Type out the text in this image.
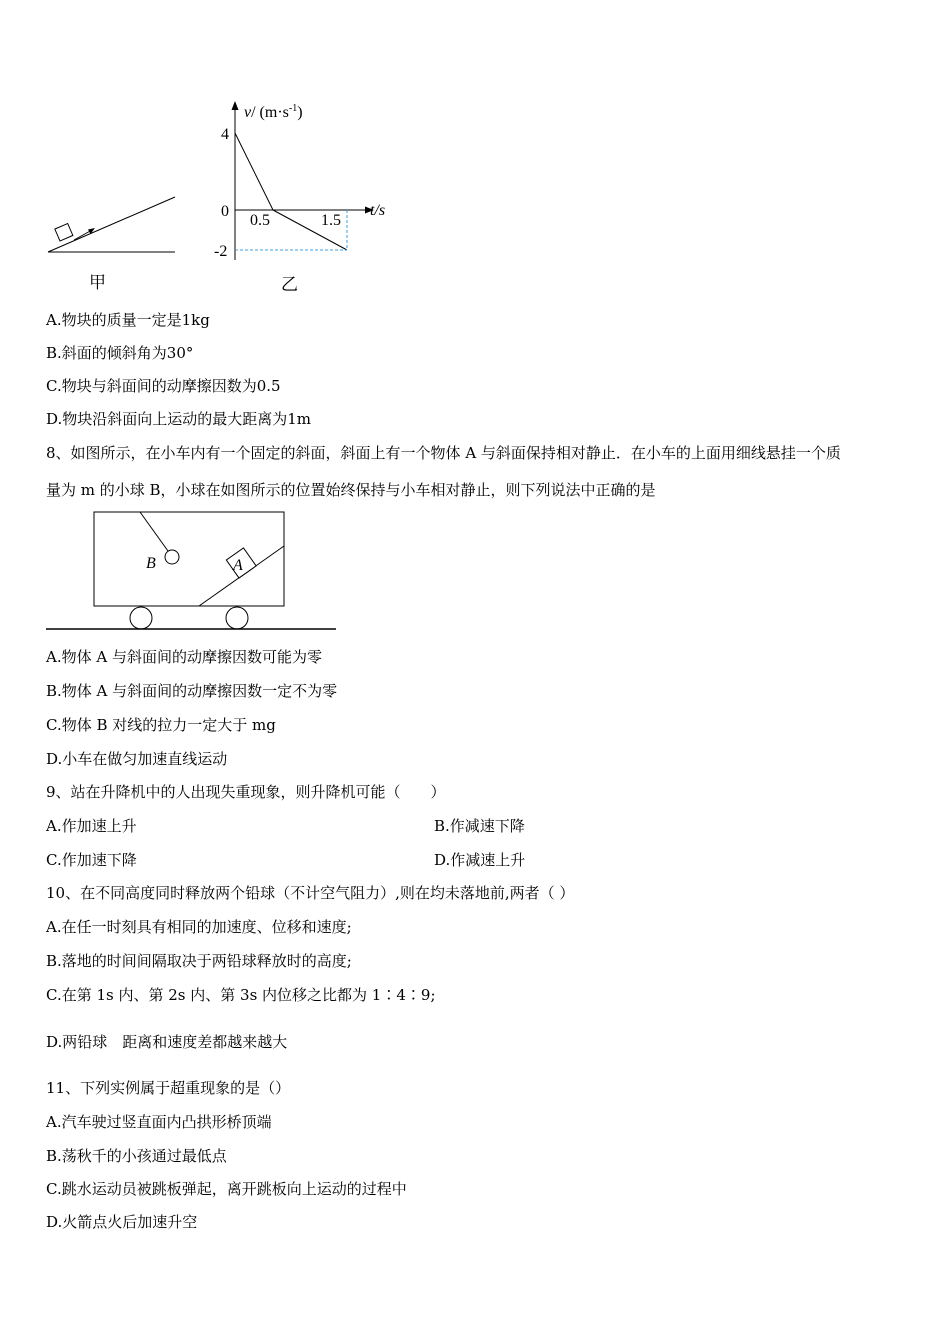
甲
v/ $(m\cdot s^{-1})$
4
0
-2
0.5	1.5
t/s
乙
A.物块的质量一定是1kg
B.斜面的倾斜角为30°
C.物块与斜面间的动摩擦因数为0.5
D.物块沿斜面向上运动的最大距离为1m
8、如图所示，在小车内有一个固定的斜面，斜面上有一个物体 A 与斜面保持相对静止．在小车的上面用细线悬挂一个质
量为 m 的小球 B，小球在如图所示的位置始终保持与小车相对静止，则下列说法中正确的是
B	A
A.物体 A 与斜面间的动摩擦因数可能为零
B.物体 A 与斜面间的动摩擦因数一定不为零
C.物体 B 对线的拉力一定大于 mg
D.小车在做匀加速直线运动
9、站在升降机中的人出现失重现象，则升降机可能（　　）
A.作加速上升	B.作减速下降
C.作加速下降	D.作减速上升
10、在不同高度同时释放两个铅球（不计空气阻力）,则在均未落地前,两者（ ）
A.在任一时刻具有相同的加速度、位移和速度;
B.落地的时间间隔取决于两铅球释放时的高度;
C.在第 1s 内、第 2s 内、第 3s 内位移之比都为 1∶4∶9;
D.两铅球　距离和速度差都越来越大
11、下列实例属于超重现象的是（）
A.汽车驶过竖直面内凸拱形桥顶端
B.荡秋千的小孩通过最低点
C.跳水运动员被跳板弹起，离开跳板向上运动的过程中
D.火箭点火后加速升空
